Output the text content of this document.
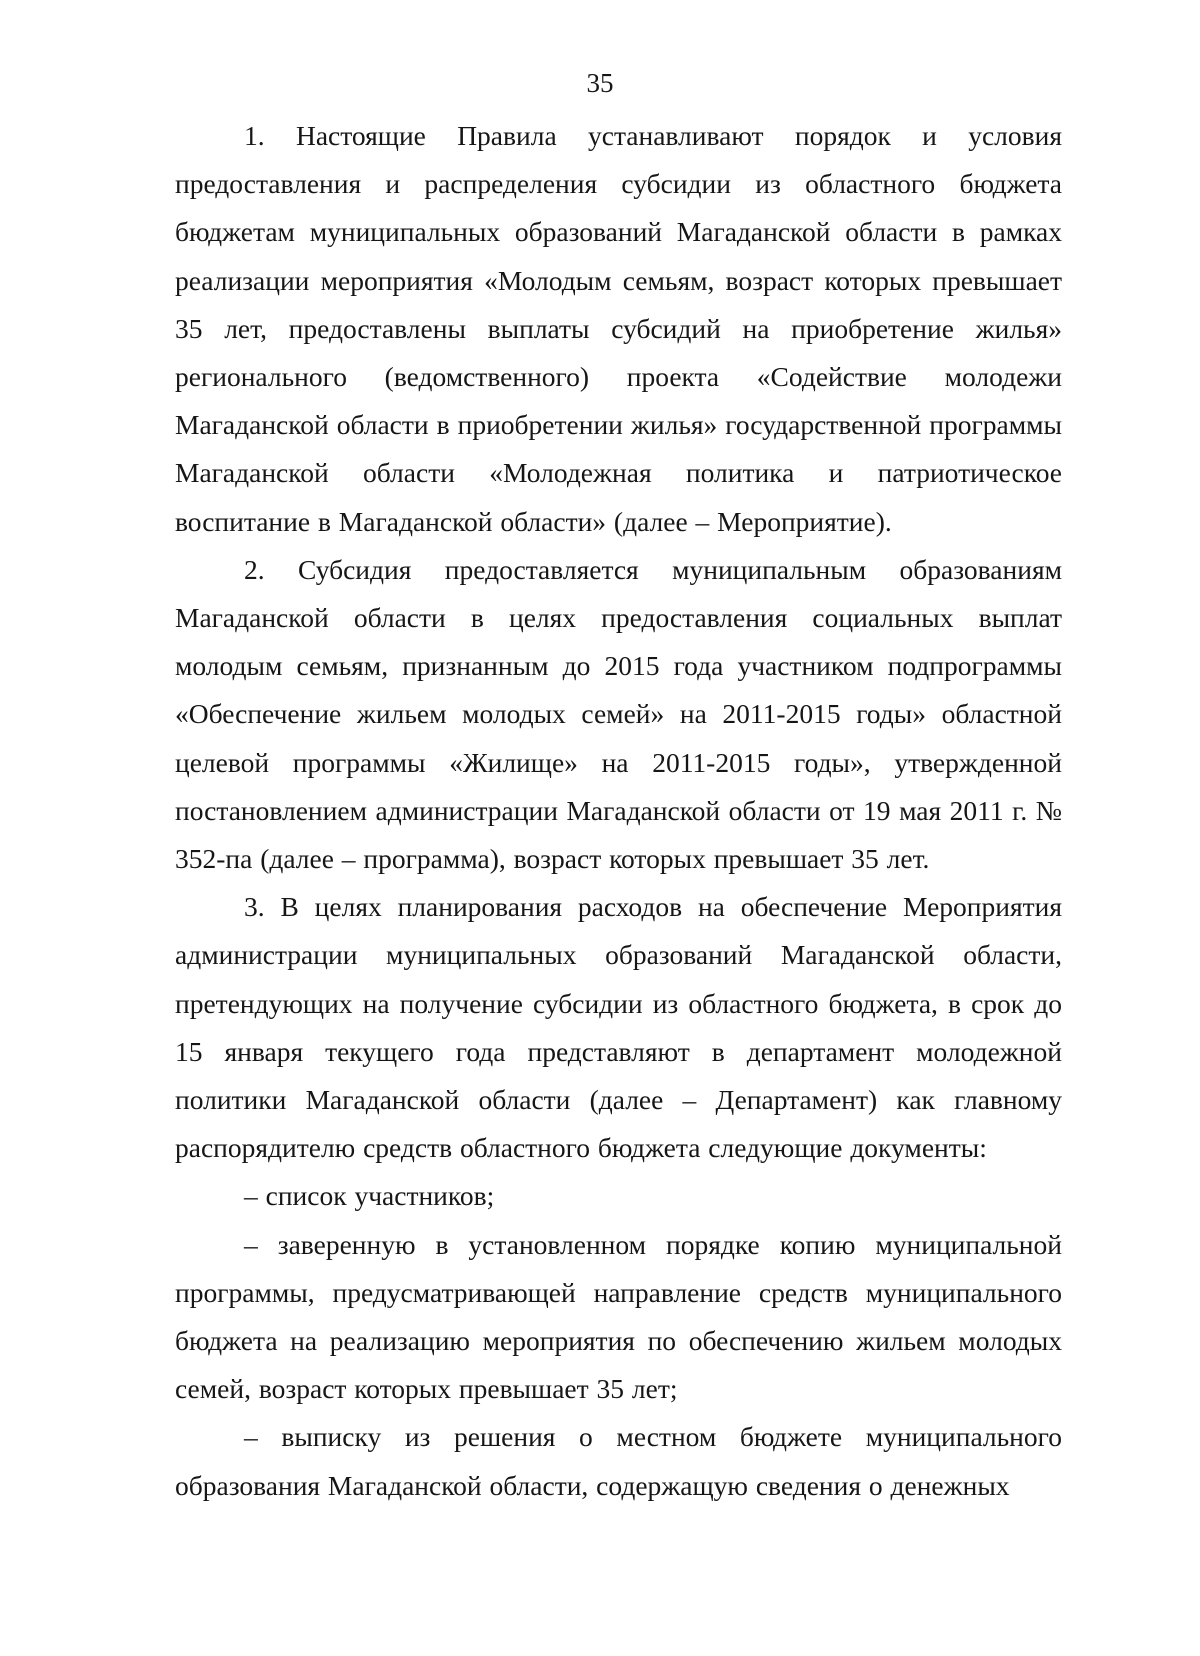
35

1. Настоящие Правила устанавливают порядок и условия предоставления и распределения субсидии из областного бюджета бюджетам муниципальных образований Магаданской области в рамках реализации мероприятия «Молодым семьям, возраст которых превышает 35 лет, предоставлены выплаты субсидий на приобретение жилья» регионального (ведомственного) проекта «Содействие молодежи Магаданской области в приобретении жилья» государственной программы Магаданской области «Молодежная политика и патриотическое воспитание в Магаданской области» (далее – Мероприятие).

2. Субсидия предоставляется муниципальным образованиям Магаданской области в целях предоставления социальных выплат молодым семьям, признанным до 2015 года участником подпрограммы «Обеспечение жильем молодых семей» на 2011-2015 годы» областной целевой программы «Жилище» на 2011-2015 годы», утвержденной постановлением администрации Магаданской области от 19 мая 2011 г. № 352-па (далее – программа), возраст которых превышает 35 лет.

3. В целях планирования расходов на обеспечение Мероприятия администрации муниципальных образований Магаданской области, претендующих на получение субсидии из областного бюджета, в срок до 15 января текущего года представляют в департамент молодежной политики Магаданской области (далее – Департамент) как главному распорядителю средств областного бюджета следующие документы:

– список участников;

– заверенную в установленном порядке копию муниципальной программы, предусматривающей направление средств муниципального бюджета на реализацию мероприятия по обеспечению жильем молодых семей, возраст которых превышает 35 лет;

– выписку из решения о местном бюджете муниципального образования Магаданской области, содержащую сведения о денежных
